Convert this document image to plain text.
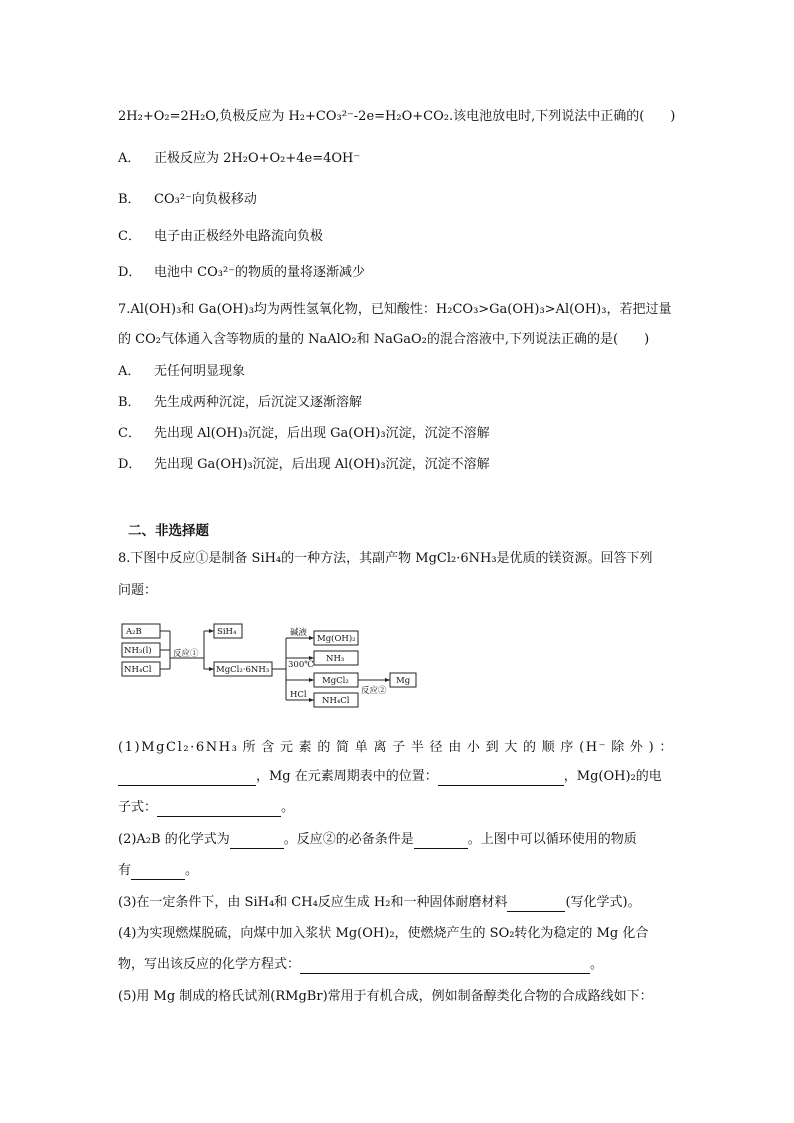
2H₂+O₂=2H₂O,负极反应为 H₂+CO₃²⁻-2e=H₂O+CO₂.该电池放电时,下列说法中正确的(　　)
A． 正极反应为 2H₂O+O₂+4e=4OH⁻
B． CO₃²⁻向负极移动
C． 电子由正极经外电路流向负极
D． 电池中 CO₃²⁻的物质的量将逐渐减少
7.Al(OH)₃和 Ga(OH)₃均为两性氢氧化物，已知酸性：H₂CO₃>Ga(OH)₃>Al(OH)₃，若把过量
的 CO₂气体通入含等物质的量的 NaAlO₂和 NaGaO₂的混合溶液中,下列说法正确的是(　　)
A． 无任何明显现象
B． 先生成两种沉淀，后沉淀又逐渐溶解
C． 先出现 Al(OH)₃沉淀，后出现 Ga(OH)₃沉淀，沉淀不溶解
D． 先出现 Ga(OH)₃沉淀，后出现 Al(OH)₃沉淀，沉淀不溶解
二、非选择题
8.下图中反应①是制备 SiH₄的一种方法，其副产物 MgCl₂·6NH₃是优质的镁资源。回答下列
问题：
A₂B
NH₃(l)
NH₄Cl
反应①
SiH₄
MgCl₂·6NH₃
碱液
300℃
HCl
Mg(OH)₂
NH₃
MgCl₂
NH₄Cl
反应②
Mg
(1)MgCl₂·6NH₃所含元素的简单离子半径由小到大的顺序(H⁻除外)：
，Mg 在元素周期表中的位置：	，Mg(OH)₂的电
子式：	。
(2)A₂B 的化学式为	。反应②的必备条件是	。上图中可以循环使用的物质
有	。
(3)在一定条件下，由 SiH₄和 CH₄反应生成 H₂和一种固体耐磨材料	(写化学式)。
(4)为实现燃煤脱硫，向煤中加入浆状 Mg(OH)₂，使燃烧产生的 SO₂转化为稳定的 Mg 化合
物，写出该反应的化学方程式：	。
(5)用 Mg 制成的格氏试剂(RMgBr)常用于有机合成，例如制备醇类化合物的合成路线如下：
